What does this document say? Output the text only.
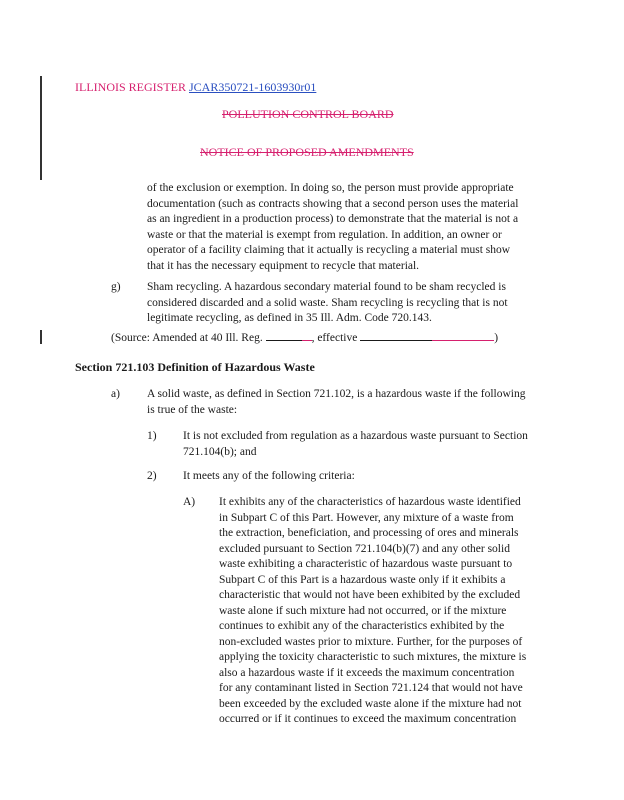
ILLINOIS REGISTER JCAR350721-1603930r01
POLLUTION CONTROL BOARD
NOTICE OF PROPOSED AMENDMENTS
of the exclusion or exemption. In doing so, the person must provide appropriate
documentation (such as contracts showing that a second person uses the material
as an ingredient in a production process) to demonstrate that the material is not a
waste or that the material is exempt from regulation. In addition, an owner or
operator of a facility claiming that it actually is recycling a material must show
that it has the necessary equipment to recycle that material.
g) Sham recycling. A hazardous secondary material found to be sham recycled is
considered discarded and a solid waste. Sham recycling is recycling that is not
legitimate recycling, as defined in 35 Ill. Adm. Code 720.143.
(Source: Amended at 40 Ill. Reg.	, effective	)
Section 721.103 Definition of Hazardous Waste
a) A solid waste, as defined in Section 721.102, is a hazardous waste if the following
is true of the waste:
1) It is not excluded from regulation as a hazardous waste pursuant to Section
721.104(b); and
2) It meets any of the following criteria:
A) It exhibits any of the characteristics of hazardous waste identified
in Subpart C of this Part. However, any mixture of a waste from
the extraction, beneficiation, and processing of ores and minerals
excluded pursuant to Section 721.104(b)(7) and any other solid
waste exhibiting a characteristic of hazardous waste pursuant to
Subpart C of this Part is a hazardous waste only if it exhibits a
characteristic that would not have been exhibited by the excluded
waste alone if such mixture had not occurred, or if the mixture
continues to exhibit any of the characteristics exhibited by the
non-excluded wastes prior to mixture. Further, for the purposes of
applying the toxicity characteristic to such mixtures, the mixture is
also a hazardous waste if it exceeds the maximum concentration
for any contaminant listed in Section 721.124 that would not have
been exceeded by the excluded waste alone if the mixture had not
occurred or if it continues to exceed the maximum concentration
